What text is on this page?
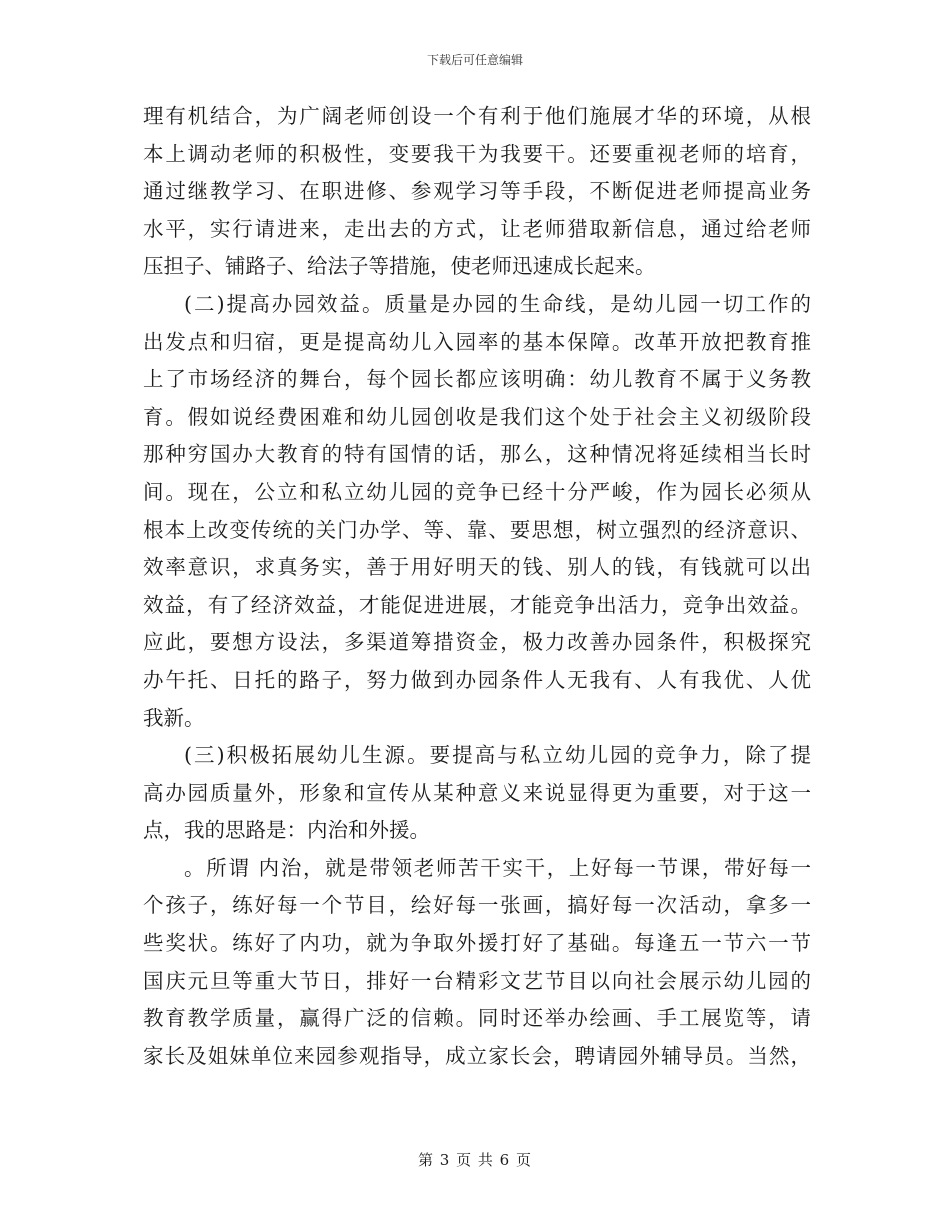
下载后可任意编辑
理有机结合，为广阔老师创设一个有利于他们施展才华的环境，从根
本上调动老师的积极性，变要我干为我要干。还要重视老师的培育，
通过继教学习、在职进修、参观学习等手段，不断促进老师提高业务
水平，实行请进来，走出去的方式，让老师猎取新信息，通过给老师
压担子、铺路子、给法子等措施，使老师迅速成长起来。
(二)提高办园效益。质量是办园的生命线，是幼儿园一切工作的
出发点和归宿，更是提高幼儿入园率的基本保障。改革开放把教育推
上了市场经济的舞台，每个园长都应该明确：幼儿教育不属于义务教
育。假如说经费困难和幼儿园创收是我们这个处于社会主义初级阶段
那种穷国办大教育的特有国情的话，那么，这种情况将延续相当长时
间。现在，公立和私立幼儿园的竞争已经十分严峻，作为园长必须从
根本上改变传统的关门办学、等、靠、要思想，树立强烈的经济意识、
效率意识，求真务实，善于用好明天的钱、别人的钱，有钱就可以出
效益，有了经济效益，才能促进进展，才能竞争出活力，竞争出效益。
应此，要想方设法，多渠道筹措资金，极力改善办园条件，积极探究
办午托、日托的路子，努力做到办园条件人无我有、人有我优、人优
我新。
(三)积极拓展幼儿生源。要提高与私立幼儿园的竞争力，除了提
高办园质量外，形象和宣传从某种意义来说显得更为重要，对于这一
点，我的思路是：内治和外援。
。所谓 内治，就是带领老师苦干实干，上好每一节课，带好每一
个孩子，练好每一个节目，绘好每一张画，搞好每一次活动，拿多一
些奖状。练好了内功，就为争取外援打好了基础。每逢五一节六一节
国庆元旦等重大节日，排好一台精彩文艺节目以向社会展示幼儿园的
教育教学质量，赢得广泛的信赖。同时还举办绘画、手工展览等，请
家长及姐妹单位来园参观指导，成立家长会，聘请园外辅导员。当然，
第 3 页 共 6 页
